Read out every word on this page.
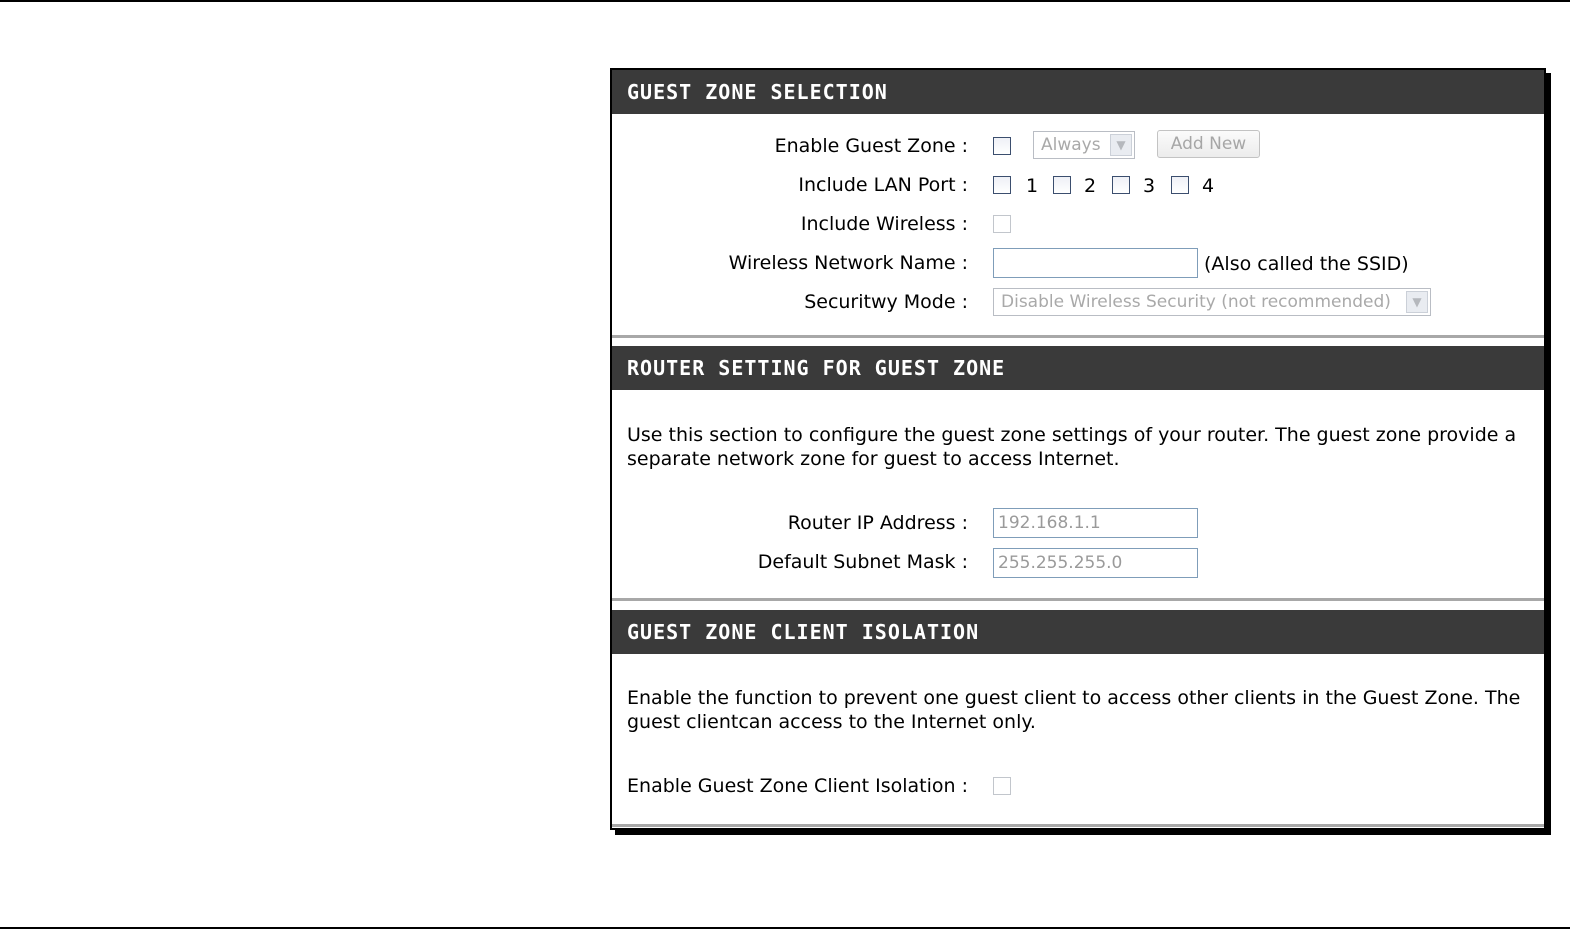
GUEST ZONE SELECTION
Enable Guest Zone :	Always	▼	Add New
Include LAN Port :	1 2 3 4
Include Wireless :
Wireless Network Name :	(Also called the SSID)
Securitwy Mode :	Disable Wireless Security (not recommended)	▼
ROUTER SETTING FOR GUEST ZONE
Use this section to configure the guest zone settings of your router. The guest zone provide a separate network zone for guest to access Internet.
Router IP Address : 192.168.1.1
Default Subnet Mask : 255.255.255.0
GUEST ZONE CLIENT ISOLATION
Enable the function to prevent one guest client to access other clients in the Guest Zone. The guest clientcan access to the Internet only.
Enable Guest Zone Client Isolation :
